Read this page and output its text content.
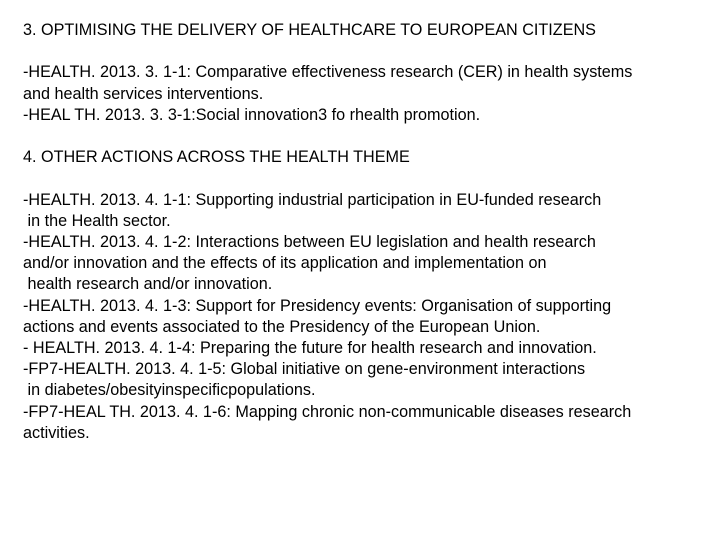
3. OPTIMISING THE DELIVERY OF HEALTHCARE TO EUROPEAN CITIZENS
-HEALTH. 2013. 3. 1-1: Comparative effectiveness research (CER) in health systems
and health services interventions.
-HEAL TH. 2013. 3. 3-1:Social innovation3 fo rhealth promotion.
4. OTHER ACTIONS ACROSS THE HEALTH THEME
-HEALTH. 2013. 4. 1-1: Supporting industrial participation in EU-funded research
in the Health sector.
-HEALTH. 2013. 4. 1-2: Interactions between EU legislation and health research
and/or innovation and the effects of its application and implementation on
health research and/or innovation.
-HEALTH. 2013. 4. 1-3: Support for Presidency events: Organisation of supporting
actions and events associated to the Presidency of the European Union.
- HEALTH. 2013. 4. 1-4: Preparing the future for health research and innovation.
-FP7-HEALTH. 2013. 4. 1-5: Global initiative on gene-environment interactions
in diabetes/obesityinspecificpopulations.
-FP7-HEAL TH. 2013. 4. 1-6: Mapping chronic non-communicable diseases research
activities.
